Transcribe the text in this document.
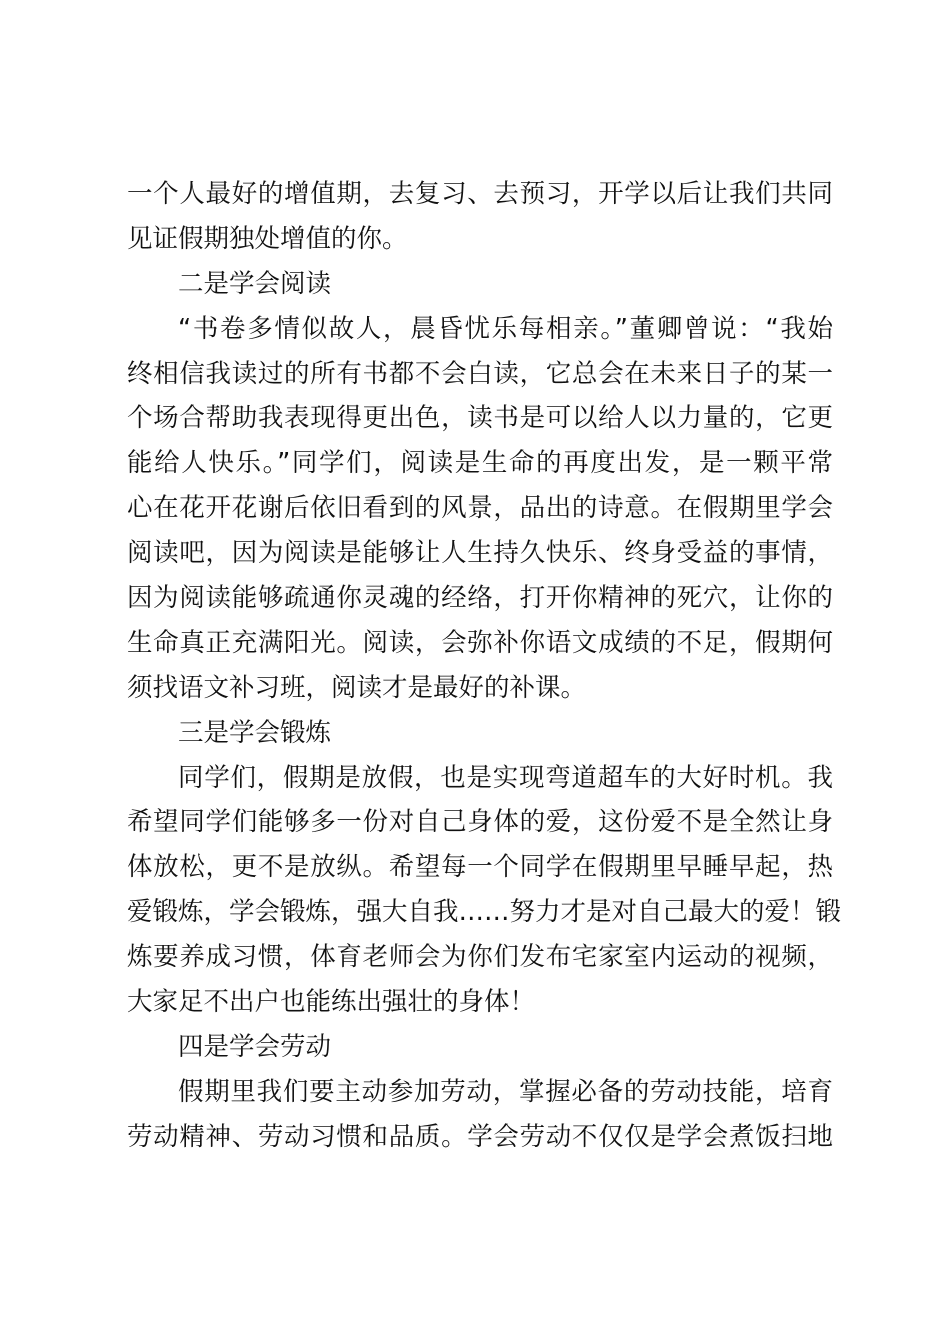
一个人最好的增值期，去复习、去预习，开学以后让我们共同
见证假期独处增值的你。
二是学会阅读
“书卷多情似故人，晨昏忧乐每相亲。”董卿曾说：“我始
终相信我读过的所有书都不会白读，它总会在未来日子的某一
个场合帮助我表现得更出色，读书是可以给人以力量的，它更
能给人快乐。”同学们，阅读是生命的再度出发，是一颗平常
心在花开花谢后依旧看到的风景，品出的诗意。在假期里学会
阅读吧，因为阅读是能够让人生持久快乐、终身受益的事情，
因为阅读能够疏通你灵魂的经络，打开你精神的死穴，让你的
生命真正充满阳光。阅读，会弥补你语文成绩的不足，假期何
须找语文补习班，阅读才是最好的补课。
三是学会锻炼
同学们，假期是放假，也是实现弯道超车的大好时机。我
希望同学们能够多一份对自己身体的爱，这份爱不是全然让身
体放松，更不是放纵。希望每一个同学在假期里早睡早起，热
爱锻炼，学会锻炼，强大自我……努力才是对自己最大的爱！锻
炼要养成习惯，体育老师会为你们发布宅家室内运动的视频，
大家足不出户也能练出强壮的身体！
四是学会劳动
假期里我们要主动参加劳动，掌握必备的劳动技能，培育
劳动精神、劳动习惯和品质。学会劳动不仅仅是学会煮饭扫地
